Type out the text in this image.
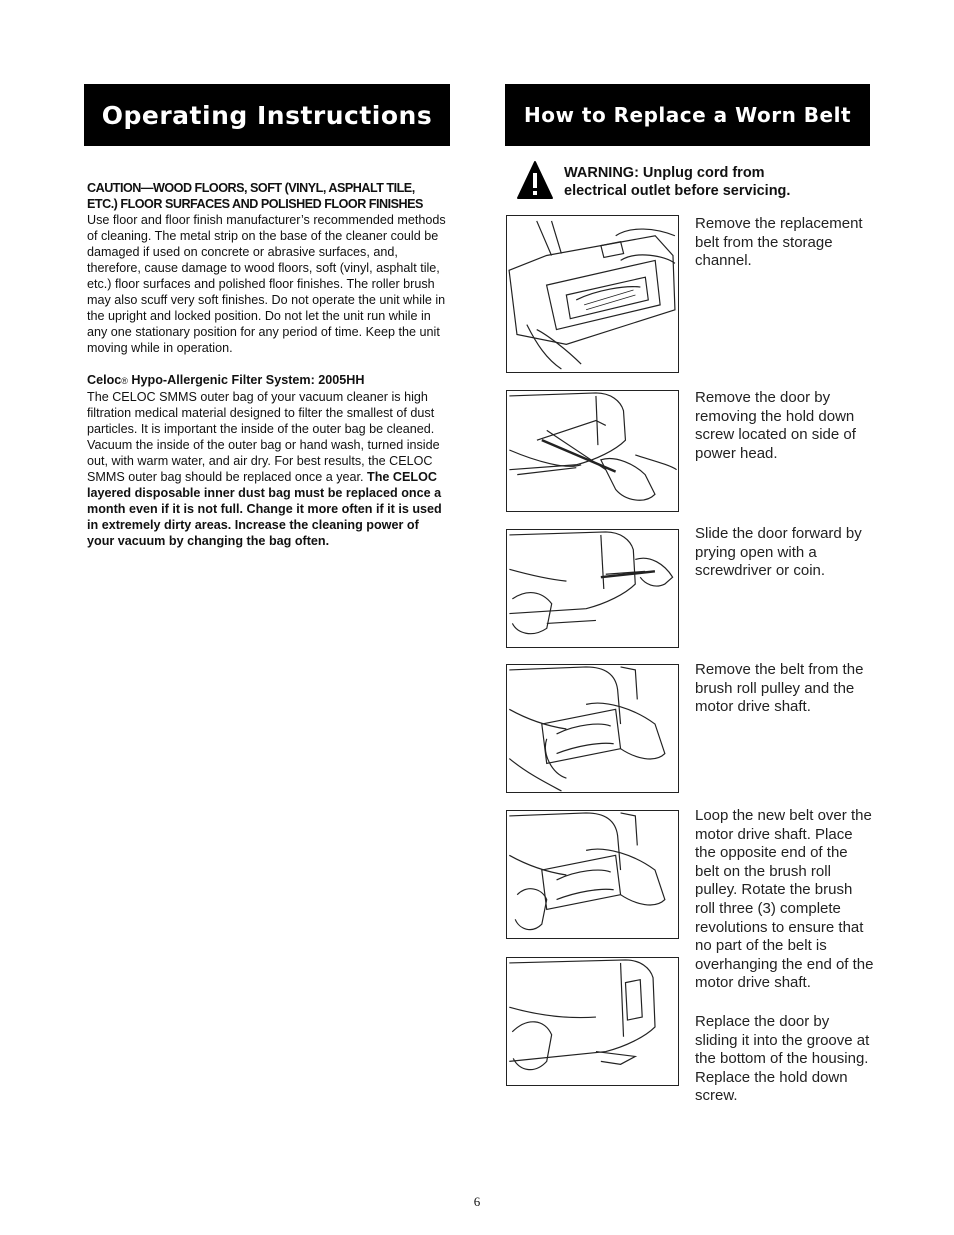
Operating Instructions	How to Replace a Worn Belt

CAUTION—WOOD FLOORS, SOFT (VINYL, ASPHALT TILE,

ETC.) FLOOR SURFACES AND POLISHED FLOOR FINISHES

Use floor and floor finish manufacturer’s recommended methods of cleaning. The metal strip on the base of the cleaner could be damaged if used on concrete or abrasive surfaces, and, therefore, cause damage to wood floors, soft (vinyl, asphalt tile, etc.) floor surfaces and polished floor finishes. The roller brush may also scuff very soft finishes. Do not operate the unit while in the upright and locked position. Do not let the unit run while in any one stationary position for any period of time. Keep the unit moving while in operation.

Celoc® Hypo-Allergenic Filter System: 2005HH

The CELOC SMMS outer bag of your vacuum cleaner is high filtration medical material designed to filter the smallest of dust particles. It is important the inside of the outer bag be cleaned. Vacuum the inside of the outer bag or hand wash, turned inside out, with warm water, and air dry. For best results, the CELOC SMMS outer bag should be replaced once a year. The CELOC layered disposable inner dust bag must be replaced once a month even if it is not full. Change it more often if it is used in extremely dirty areas. Increase the cleaning power of your vacuum by changing the bag often.

WARNING: Unplug cord from
electrical outlet before servicing.

Remove the replacement belt from the storage channel.

Remove the door by removing the hold down screw located on side of power head.

Slide the door forward by prying open with a screwdriver or coin.

Remove the belt from the brush roll pulley and the motor drive shaft.

Loop the new belt over the motor drive shaft. Place the opposite end of the belt on the brush roll pulley. Rotate the brush roll three (3) complete revolutions to ensure that no part of the belt is overhanging the end of the motor drive shaft.

Replace the door by sliding it into the groove at the bottom of the housing. Replace the hold down screw.

6
